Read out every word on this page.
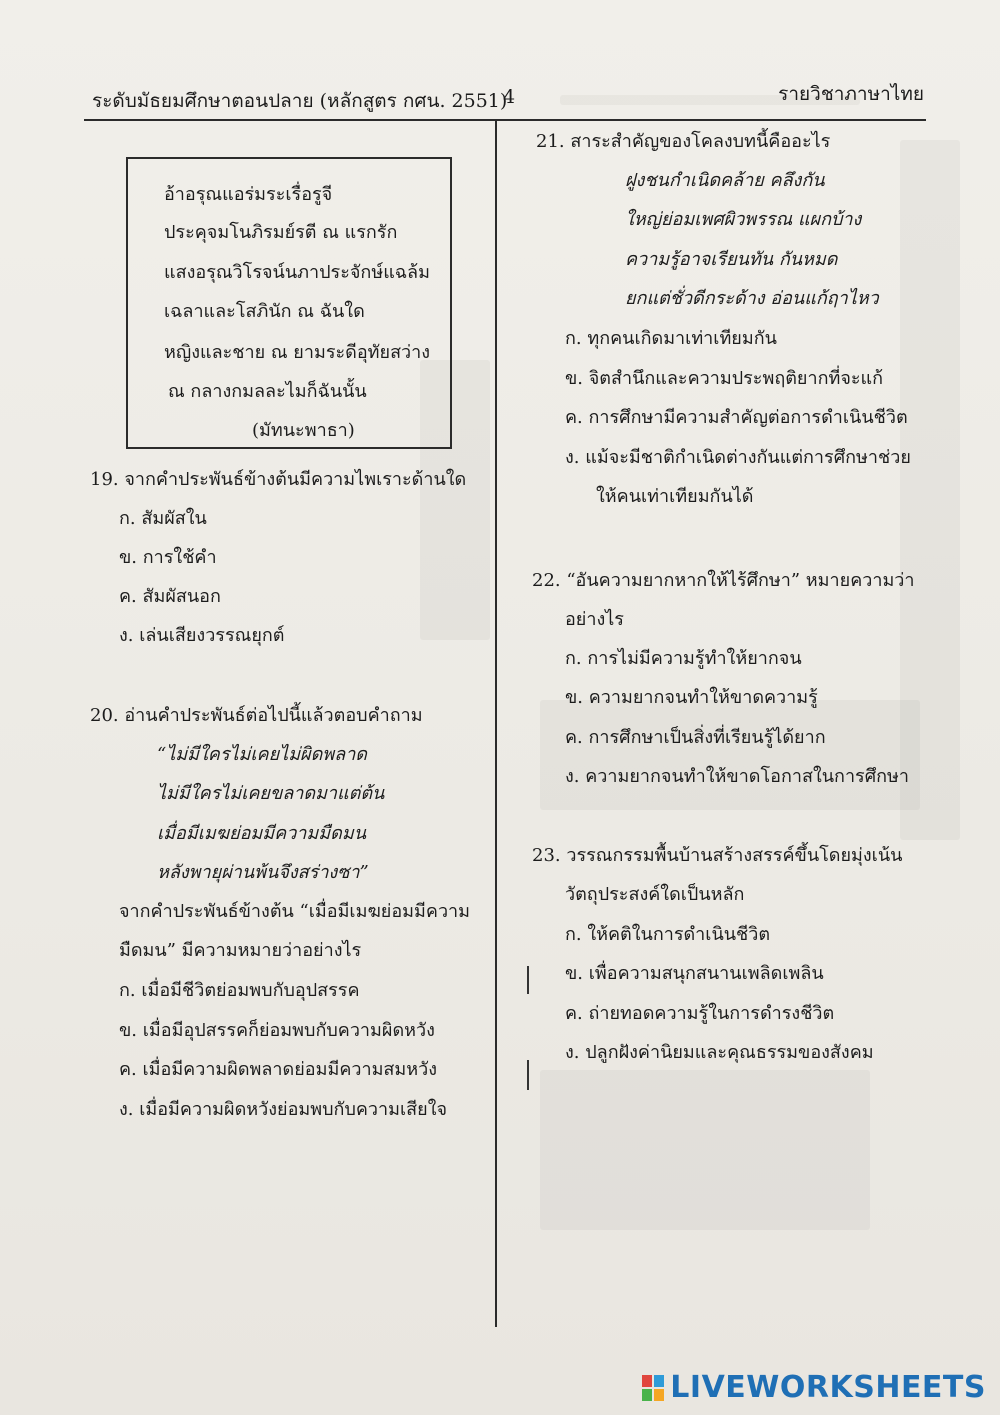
ระดับมัธยมศึกษาตอนปลาย (หลักสูตร กศน. 2551)
4	รายวิชาภาษาไทย
อ้าอรุณแอร่มระเรื่อรูจี
ประคุจมโนภิรมย์รตี ณ แรกรัก
แสงอรุณวิโรจน์นภาประจักษ์แฉล้ม
เฉลาและโสภินัก ณ ฉันใด
หญิงและชาย ณ ยามระดีอุทัยสว่าง
ณ กลางกมลละไมก็ฉันนั้น
(มัทนะพาธา)
19. จากคำประพันธ์ข้างต้นมีความไพเราะด้านใด
ก. สัมผัสใน
ข. การใช้คำ
ค. สัมผัสนอก
ง. เล่นเสียงวรรณยุกต์
20. อ่านคำประพันธ์ต่อไปนี้แล้วตอบคำถาม
“ไม่มีใครไม่เคยไม่ผิดพลาด
ไม่มีใครไม่เคยขลาดมาแต่ต้น
เมื่อมีเมฆย่อมมีความมืดมน
หลังพายุผ่านพ้นจึงสร่างซา”
จากคำประพันธ์ข้างต้น “เมื่อมีเมฆย่อมมีความ
มืดมน” มีความหมายว่าอย่างไร
ก. เมื่อมีชีวิตย่อมพบกับอุปสรรค
ข. เมื่อมีอุปสรรคก็ย่อมพบกับความผิดหวัง
ค. เมื่อมีความผิดพลาดย่อมมีความสมหวัง
ง. เมื่อมีความผิดหวังย่อมพบกับความเสียใจ
21. สาระสำคัญของโคลงบทนี้คืออะไร
ฝูงชนกำเนิดคล้าย คลึงกัน
ใหญ่ย่อมเพศผิวพรรณ แผกบ้าง
ความรู้อาจเรียนทัน กันหมด
ยกแต่ชั่วดีกระด้าง อ่อนแก้ฤาไหว
ก. ทุกคนเกิดมาเท่าเทียมกัน
ข. จิตสำนึกและความประพฤติยากที่จะแก้
ค. การศึกษามีความสำคัญต่อการดำเนินชีวิต
ง. แม้จะมีชาติกำเนิดต่างกันแต่การศึกษาช่วย
ให้คนเท่าเทียมกันได้
22. “อันความยากหากให้ไร้ศึกษา” หมายความว่า
อย่างไร
ก. การไม่มีความรู้ทำให้ยากจน
ข. ความยากจนทำให้ขาดความรู้
ค. การศึกษาเป็นสิ่งที่เรียนรู้ได้ยาก
ง. ความยากจนทำให้ขาดโอกาสในการศึกษา
23. วรรณกรรมพื้นบ้านสร้างสรรค์ขึ้นโดยมุ่งเน้น
วัตถุประสงค์ใดเป็นหลัก
ก. ให้คติในการดำเนินชีวิต
ข. เพื่อความสนุกสนานเพลิดเพลิน
ค. ถ่ายทอดความรู้ในการดำรงชีวิต
ง. ปลูกฝังค่านิยมและคุณธรรมของสังคม
LIVEWORKSHEETS
